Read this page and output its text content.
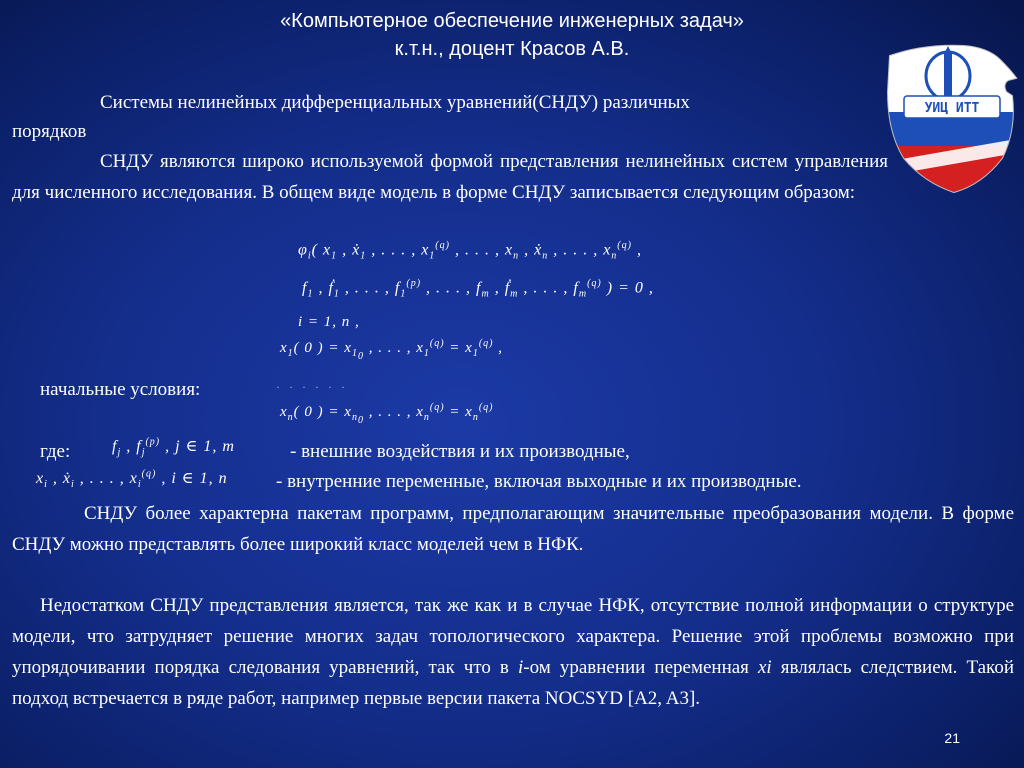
«Компьютерное обеспечение инженерных задач»
к.т.н., доцент Красов А.В.
УИЦ ИТТ
Системы нелинейных дифференциальных уравнений(СНДУ) различных
порядков
СНДУ являются широко используемой формой представления нелинейных систем управления для численного исследования. В общем виде модель в форме СНДУ записывается следующим образом:
$\varphi_i$( $x_1$ , ẋ$_1$ , . . . , $x_1^{(q)}$ , . . . , $x_n$ , ẋ$_n$ , . . . , $x_n^{(q)}$ ,
$f_1$ , ḟ$_1$ , . . . , $f_1^{(p)}$ , . . . , $f_m$ , ḟ$_m$ , . . . , $f_m^{(q)}$ ) = 0 ,
i = 1, n ,
$x_1$( 0 ) = $x_{1_0}$ , . . . , $x_1^{(q)} = x_1^{(q)}$ ,
начальные условия:	· · · · · ·
$x_n$( 0 ) = $x_{n_0}$ , . . . , $x_n^{(q)} = x_n^{(q)}$
где:	$f_j$ , $f_j^{(p)}$ , j ∈ 1, m	- внешние воздействия и их производные,
$x_i$ , ẋ$_i$ , . . . , $x_i^{(q)}$ , i ∈ 1, n	- внутренние переменные, включая выходные и их производные.
СНДУ более характерна пакетам программ, предполагающим значительные преобразования модели. В форме СНДУ можно представлять более широкий класс моделей чем в НФК.
Недостатком СНДУ представления является, так же как и в случае НФК, отсутствие полной информации о структуре модели, что затрудняет решение многих задач топологического характера. Решение этой проблемы возможно при упорядочивании порядка следования уравнений, так что в i-ом уравнении переменная xi являлась следствием. Такой подход встречается в ряде работ, например первые версии пакета NOCSYD [A2, A3].
21
